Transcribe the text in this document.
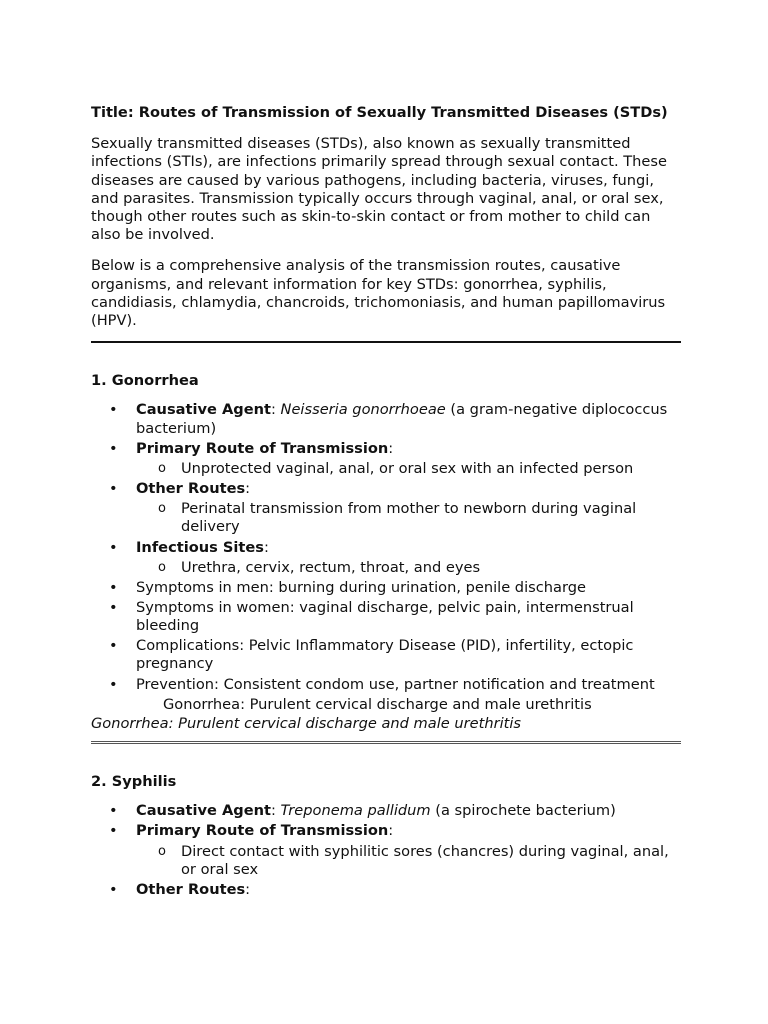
Title: Routes of Transmission of Sexually Transmitted Diseases (STDs)

Sexually transmitted diseases (STDs), also known as sexually transmitted infections (STIs), are infections primarily spread through sexual contact. These diseases are caused by various pathogens, including bacteria, viruses, fungi, and parasites. Transmission typically occurs through vaginal, anal, or oral sex, though other routes such as skin-to-skin contact or from mother to child can also be involved.

Below is a comprehensive analysis of the transmission routes, causative organisms, and relevant information for key STDs: gonorrhea, syphilis, candidiasis, chlamydia, chancroids, trichomoniasis, and human papillomavirus (HPV).

1. Gonorrhea
• Causative Agent: Neisseria gonorrhoeae (a gram-negative diplococcus bacterium)
• Primary Route of Transmission:
o Unprotected vaginal, anal, or oral sex with an infected person
• Other Routes:
o Perinatal transmission from mother to newborn during vaginal delivery
• Infectious Sites:
o Urethra, cervix, rectum, throat, and eyes
• Symptoms in men: burning during urination, penile discharge
• Symptoms in women: vaginal discharge, pelvic pain, intermenstrual bleeding
• Complications: Pelvic Inflammatory Disease (PID), infertility, ectopic pregnancy
• Prevention: Consistent condom use, partner notification and treatment
Gonorrhea: Purulent cervical discharge and male urethritis
Gonorrhea: Purulent cervical discharge and male urethritis
2. Syphilis
• Causative Agent: Treponema pallidum (a spirochete bacterium)
• Primary Route of Transmission:
o Direct contact with syphilitic sores (chancres) during vaginal, anal, or oral sex
• Other Routes:
